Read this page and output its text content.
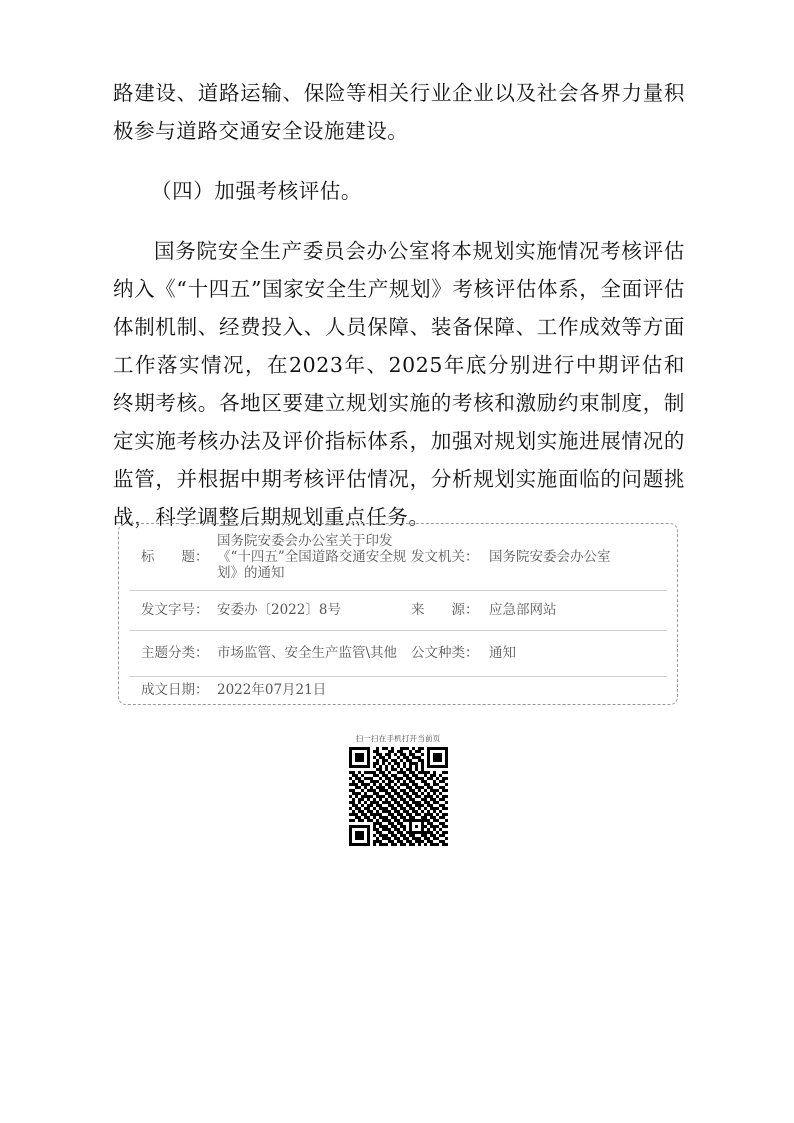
路建设、道路运输、保险等相关行业企业以及社会各界力量积极参与道路交通安全设施建设。

（四）加强考核评估。

国务院安全生产委员会办公室将本规划实施情况考核评估纳入《“十四五”国家安全生产规划》考核评估体系，全面评估体制机制、经费投入、人员保障、装备保障、工作成效等方面工作落实情况，在2023年、2025年底分别进行中期评估和终期考核。各地区要建立规划实施的考核和激励约束制度，制定实施考核办法及评价指标体系，加强对规划实施进展情况的监管，并根据中期考核评估情况，分析规划实施面临的问题挑战，科学调整后期规划重点任务。

标　　题：
国务院安委会办公室关于印发《“十四五”全国道路交通安全规划》的通知
发文机关： 国务院安委会办公室
发文字号： 安委办〔2022〕8号	来　　源： 应急部网站
主题分类： 市场监管、安全生产监管\其他	公文种类： 通知
成文日期： 2022年07月21日
扫一扫在手机打开当前页
